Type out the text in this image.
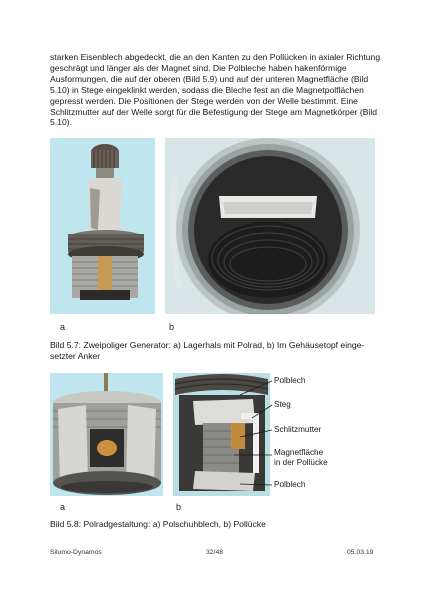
starken Eisenblech abgedeckt, die an den Kanten zu den Pollücken in axialer Richtung geschrägt und länger als der Magnet sind. Die Polbleche haben hakenförmige Ausformungen, die auf der oberen (Bild 5.9) und auf der unteren Magnetfläche (Bild 5.10) in Stege eingeklinkt werden, sodass die Bleche fest an die Magnetpolflächen gepresst werden. Die Positionen der Stege werden von der Welle bestimmt. Eine Schlitzmutter auf der Welle sorgt für die Befestigung der Stege am Magnetkörper (Bild 5.10).

a	b

Bild 5.7: Zweipoliger Generator: a) Lagerhals mit Polrad, b) Im Gehäusetopf einge-
setzter Anker

Polblech
Steg
Schlitzmutter
Magnetfläche
in der Pollücke
Polblech
a	b

Bild 5.8: Polradgestaltung: a) Polschuhblech, b) Pollücke

Silumo-Dynamos	32/48	05.03.19
